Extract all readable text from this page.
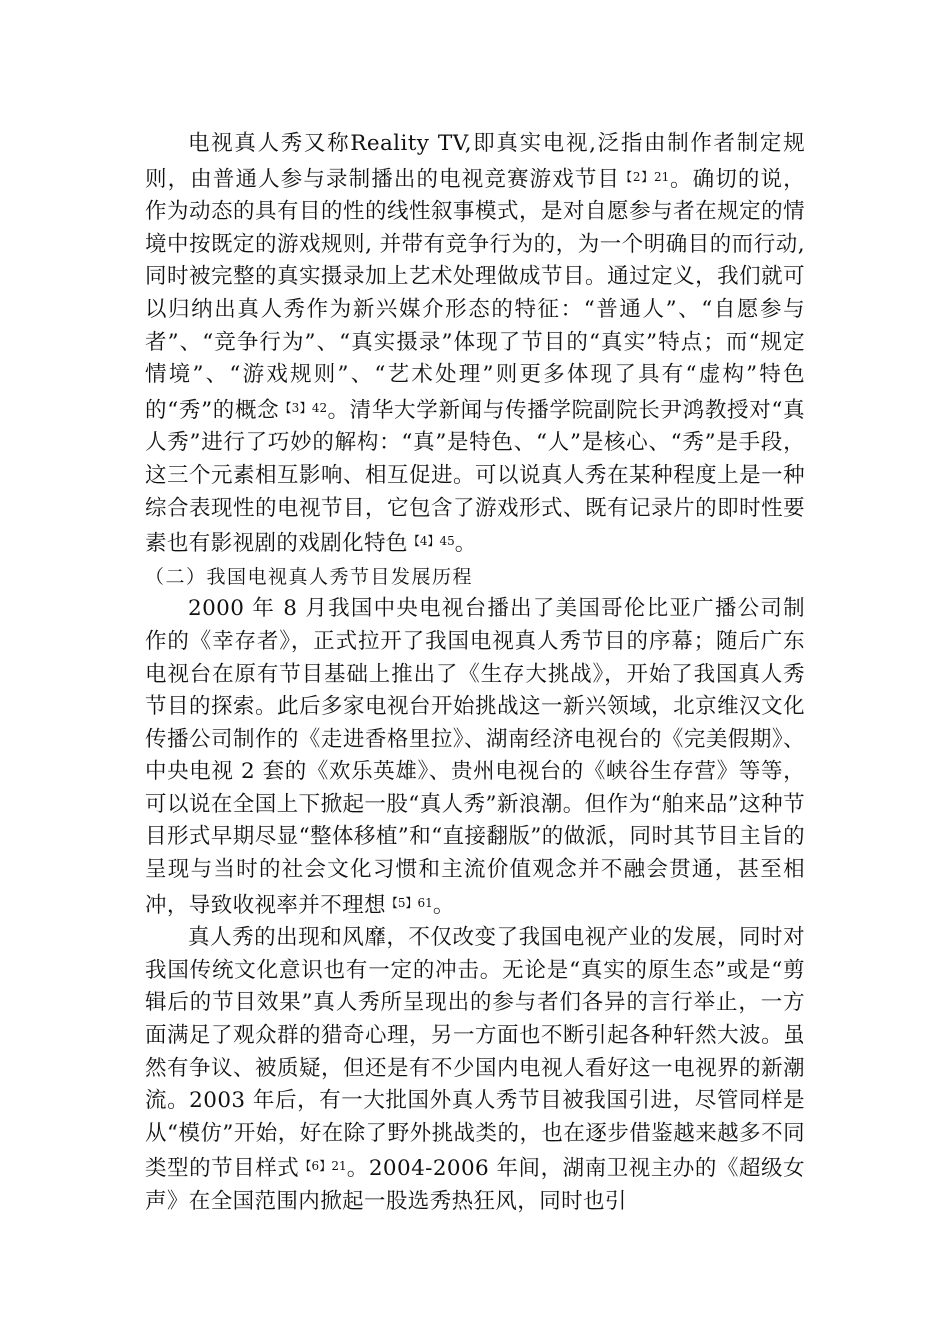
电视真人秀又称Reality TV,即真实电视,泛指由制作者制定规则，由普通人参与录制播出的电视竞赛游戏节目$^{【2】21}$。确切的说，作为动态的具有目的性的线性叙事模式，是对自愿参与者在规定的情境中按既定的游戏规则, 并带有竞争行为的，为一个明确目的而行动,同时被完整的真实摄录加上艺术处理做成节目。通过定义，我们就可以归纳出真人秀作为新兴媒介形态的特征：“普通人”、“自愿参与者”、“竞争行为”、“真实摄录”体现了节目的“真实”特点；而“规定情境”、“游戏规则”、“艺术处理”则更多体现了具有“虚构”特色的“秀”的概念$^{【3】42}$。清华大学新闻与传播学院副院长尹鸿教授对“真人秀”进行了巧妙的解构：“真”是特色、“人”是核心、“秀”是手段，这三个元素相互影响、相互促进。可以说真人秀在某种程度上是一种综合表现性的电视节目，它包含了游戏形式、既有记录片的即时性要素也有影视剧的戏剧化特色$^{【4】45}$。

（二）我国电视真人秀节目发展历程

2000 年 8 月我国中央电视台播出了美国哥伦比亚广播公司制作的《幸存者》，正式拉开了我国电视真人秀节目的序幕；随后广东电视台在原有节目基础上推出了《生存大挑战》，开始了我国真人秀节目的探索。此后多家电视台开始挑战这一新兴领域，北京维汉文化传播公司制作的《走进香格里拉》、湖南经济电视台的《完美假期》、中央电视 2 套的《欢乐英雄》、贵州电视台的《峡谷生存营》等等，可以说在全国上下掀起一股“真人秀”新浪潮。但作为“舶来品”这种节目形式早期尽显“整体移植”和“直接翻版”的做派，同时其节目主旨的呈现与当时的社会文化习惯和主流价值观念并不融会贯通，甚至相冲，导致收视率并不理想$^{【5】61}$。

真人秀的出现和风靡，不仅改变了我国电视产业的发展，同时对我国传统文化意识也有一定的冲击。无论是“真实的原生态”或是“剪辑后的节目效果”真人秀所呈现出的参与者们各异的言行举止，一方面满足了观众群的猎奇心理，另一方面也不断引起各种轩然大波。虽然有争议、被质疑，但还是有不少国内电视人看好这一电视界的新潮流。2003 年后，有一大批国外真人秀节目被我国引进，尽管同样是从“模仿”开始，好在除了野外挑战类的，也在逐步借鉴越来越多不同类型的节目样式$^{【6】21}$。2004-2006 年间，湖南卫视主办的《超级女声》在全国范围内掀起一股选秀热狂风，同时也引
